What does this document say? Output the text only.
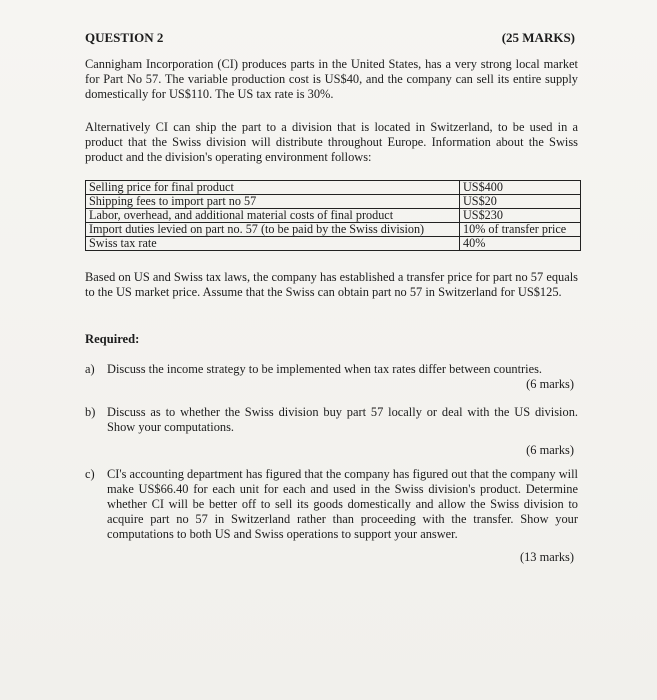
QUESTION 2	(25 MARKS)
Cannigham Incorporation (CI) produces parts in the United States, has a very strong local market for Part No 57. The variable production cost is US$40, and the company can sell its entire supply domestically for US$110. The US tax rate is 30%.
Alternatively CI can ship the part to a division that is located in Switzerland, to be used in a product that the Swiss division will distribute throughout Europe. Information about the Swiss product and the division's operating environment follows:
Selling price for final product	US$400
Shipping fees to import part no 57	US$20
Labor, overhead, and additional material costs of final product	US$230
Import duties levied on part no. 57 (to be paid by the Swiss division)	10% of transfer price
Swiss tax rate	40%
Based on US and Swiss tax laws, the company has established a transfer price for part no 57 equals to the US market price. Assume that the Swiss can obtain part no 57 in Switzerland for US$125.
Required:
a) Discuss the income strategy to be implemented when tax rates differ between countries.
(6 marks)
b) Discuss as to whether the Swiss division buy part 57 locally or deal with the US division. Show your computations.
(6 marks)
c) CI's accounting department has figured that the company has figured out that the company will make US$66.40 for each unit for each and used in the Swiss division's product. Determine whether CI will be better off to sell its goods domestically and allow the Swiss division to acquire part no 57 in Switzerland rather than proceeding with the transfer. Show your computations to both US and Swiss operations to support your answer.
(13 marks)
